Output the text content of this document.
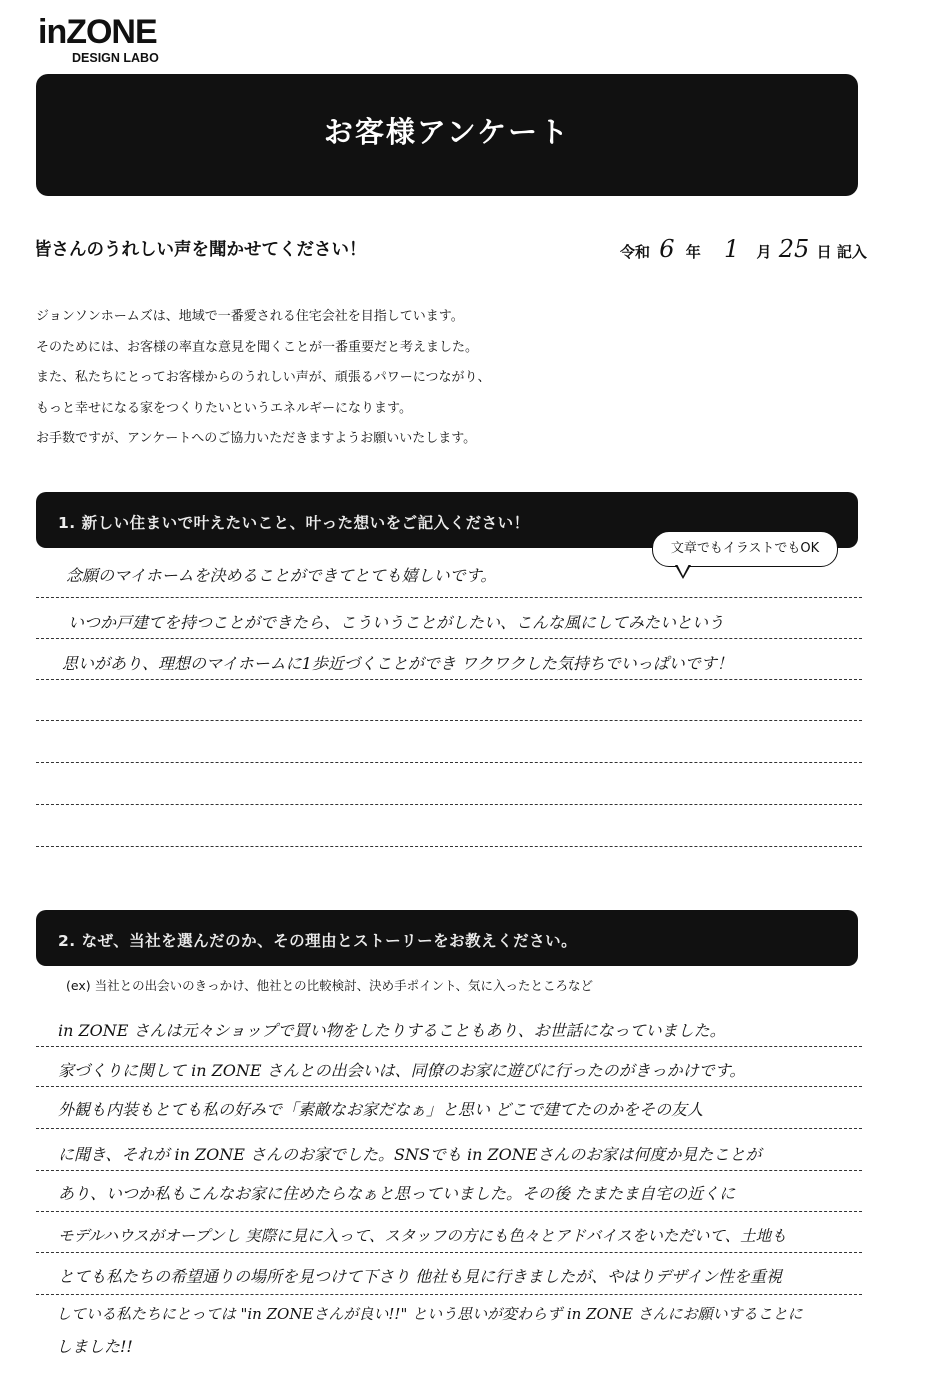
inZONE
DESIGN LABO
お客様アンケート
皆さんのうれしい声を聞かせてください！	令和 6 年 1 月 25 日 記入
ジョンソンホームズは、地域で一番愛される住宅会社を目指しています。
そのためには、お客様の率直な意見を聞くことが一番重要だと考えました。
また、私たちにとってお客様からのうれしい声が、頑張るパワーにつながり、
もっと幸せになる家をつくりたいというエネルギーになります。
お手数ですが、アンケートへのご協力いただきますようお願いいたします。
1. 新しい住まいで叶えたいこと、叶った想いをご記入ください！
文章でもイラストでもOK
念願のマイホームを決めることができてとても嬉しいです。
いつか戸建てを持つことができたら、こういうことがしたい、こんな風にしてみたいという
思いがあり、理想のマイホームに1歩近づくことができ ワクワクした気持ちでいっぱいです！
2. なぜ、当社を選んだのか、その理由とストーリーをお教えください。
(ex) 当社との出会いのきっかけ、他社との比較検討、決め手ポイント、気に入ったところなど
in ZONE さんは元々ショップで買い物をしたりすることもあり、お世話になっていました。
家づくりに関して in ZONE さんとの出会いは、同僚のお家に遊びに行ったのがきっかけです。
外観も内装もとても私の好みで「素敵なお家だなぁ」と思い どこで建てたのかをその友人
に聞き、それが in ZONE さんのお家でした。SNSでも in ZONEさんのお家は何度か見たことが
あり、いつか私もこんなお家に住めたらなぁと思っていました。その後 たまたま自宅の近くに
モデルハウスがオープンし 実際に見に入って、スタッフの方にも色々とアドバイスをいただいて、土地も
とても私たちの希望通りの場所を見つけて下さり 他社も見に行きましたが、やはりデザイン性を重視
している私たちにとっては "in ZONEさんが良い!!" という思いが変わらず in ZONE さんにお願いすることに
しました!!
